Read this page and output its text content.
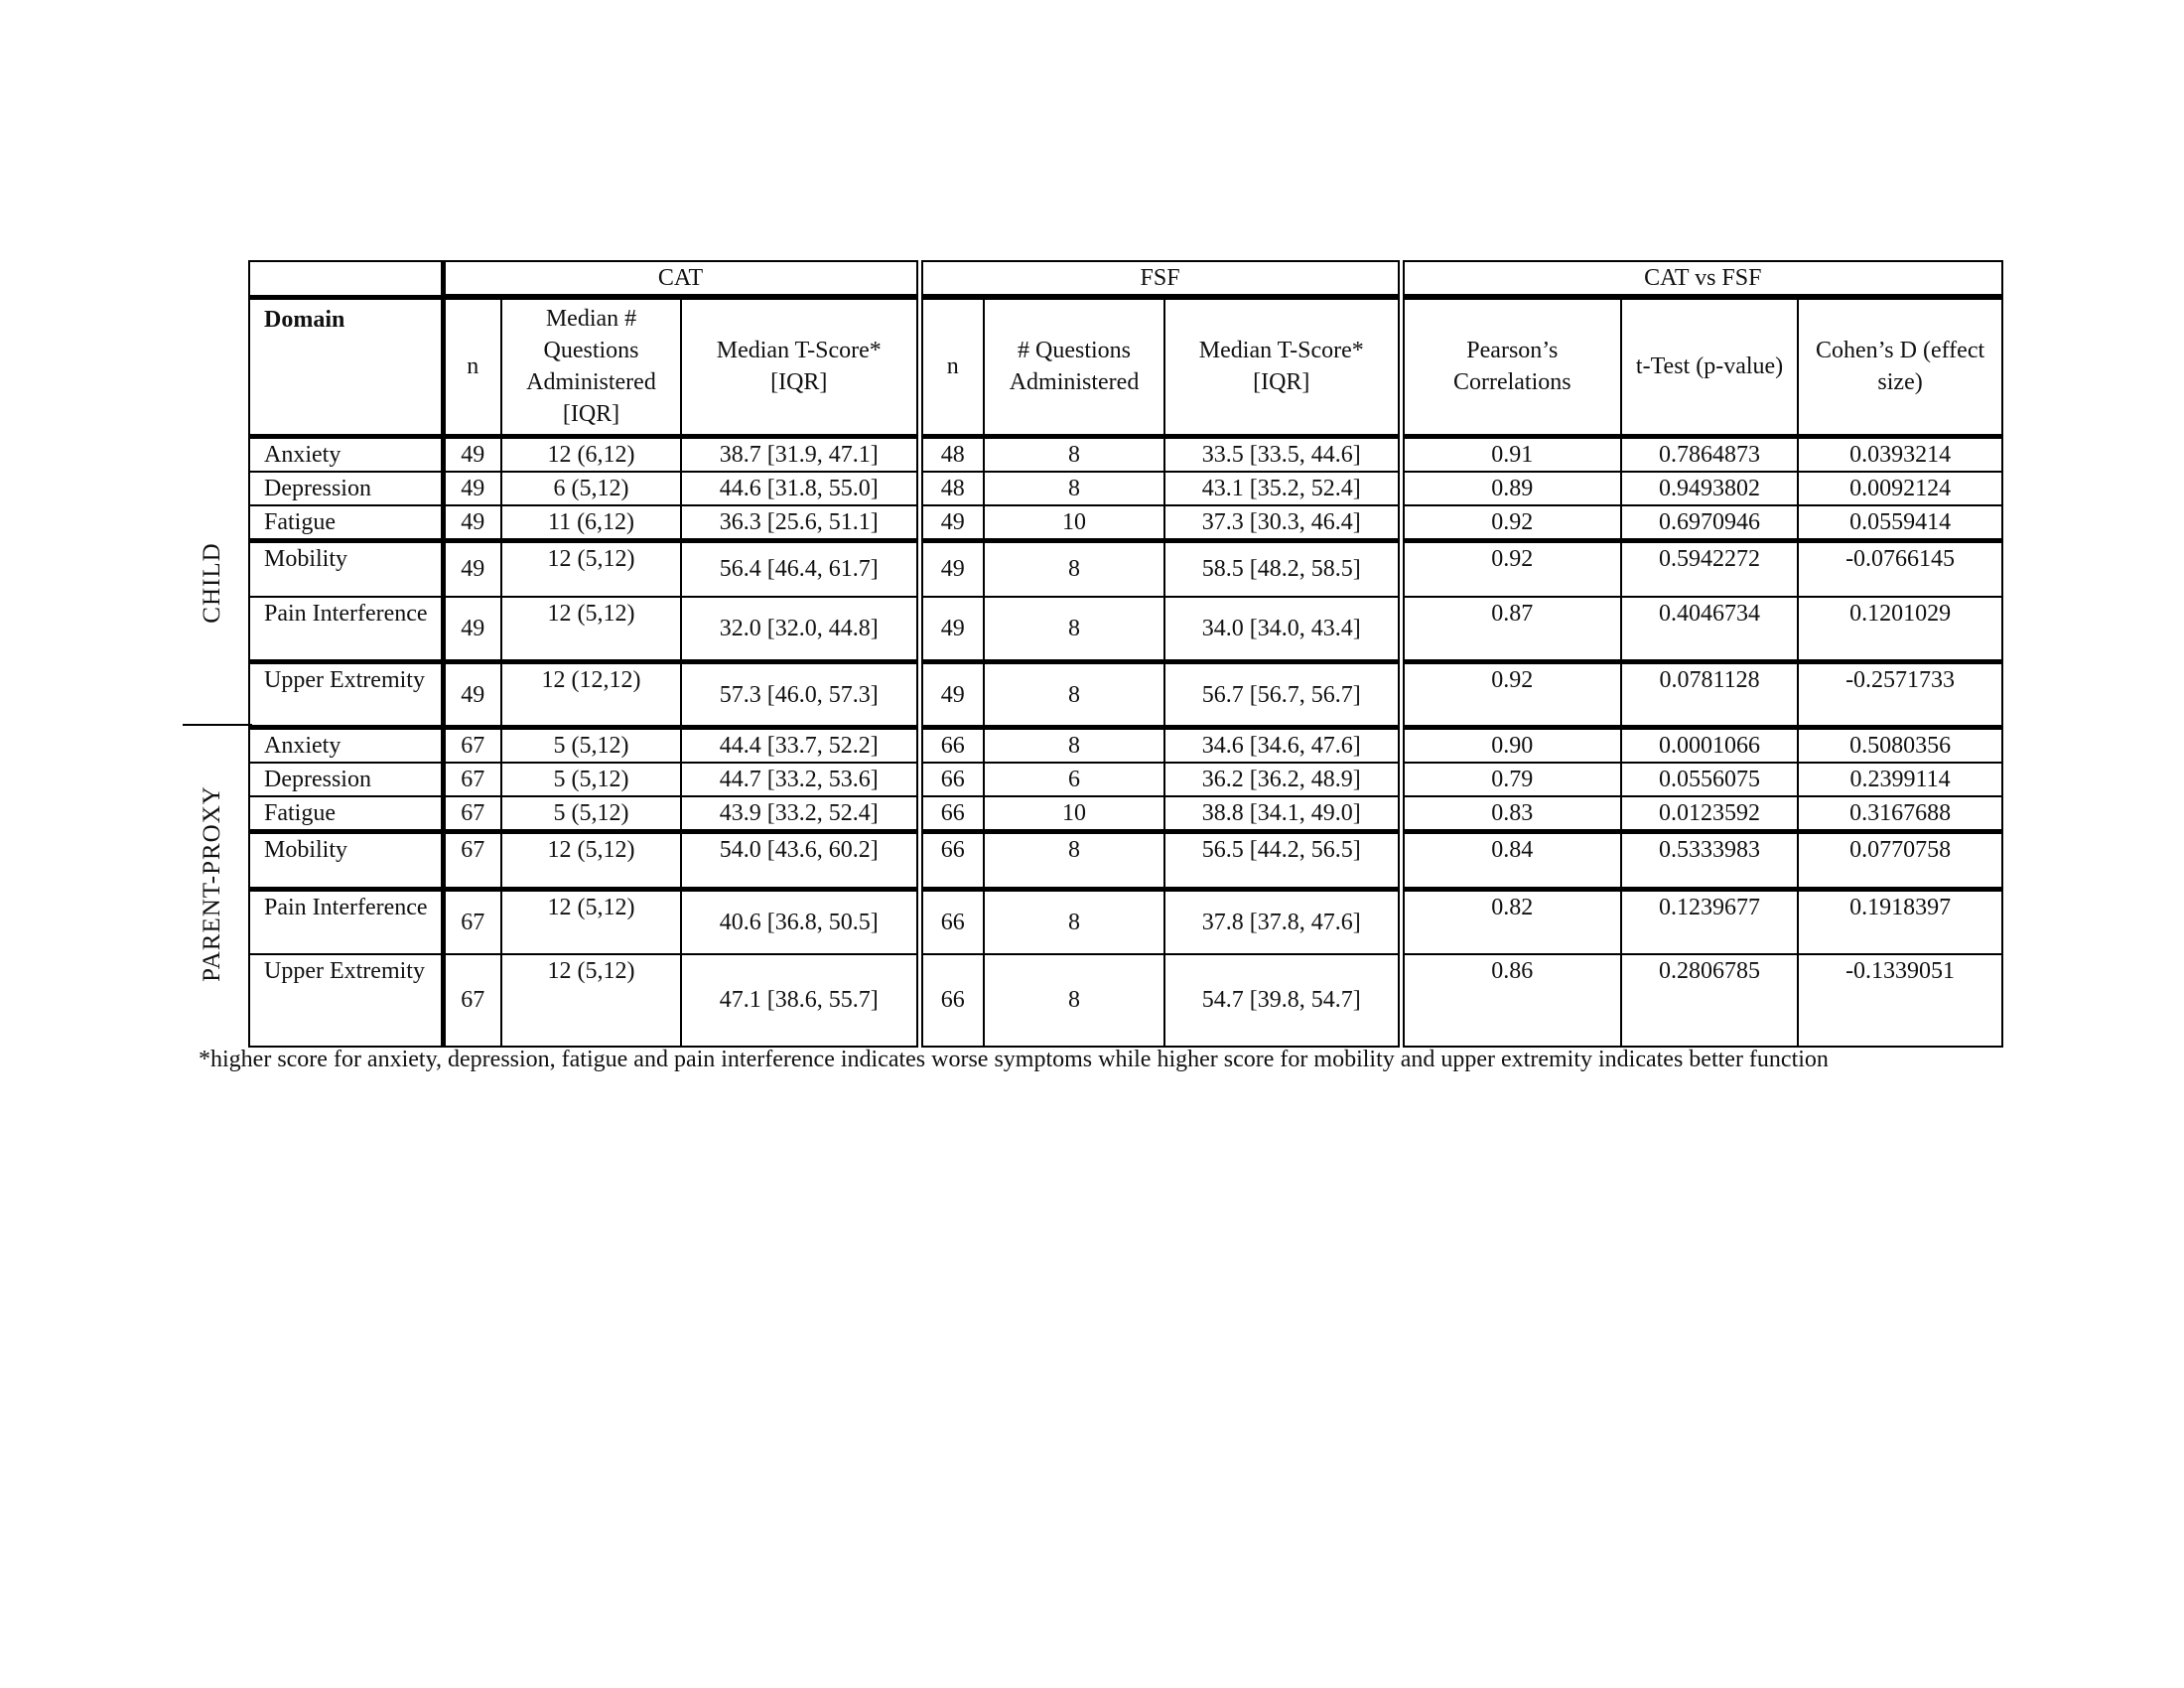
CHILD
PARENT-PROXY
	CAT			FSF			CAT vs FSF		
Domain	n	Median # Questions Administered [IQR]	Median T-Score* [IQR]	n	# Questions Administered	Median T-Score* [IQR]	Pearson’s Correlations	t-Test (p-value)	Cohen’s D (effect size)
Anxiety	49	12 (6,12)	38.7 [31.9, 47.1]	48	8	33.5 [33.5, 44.6]	0.91	0.7864873	0.0393214
Depression	49	6 (5,12)	44.6 [31.8, 55.0]	48	8	43.1 [35.2, 52.4]	0.89	0.9493802	0.0092124
Fatigue	49	11 (6,12)	36.3 [25.6, 51.1]	49	10	37.3 [30.3, 46.4]	0.92	0.6970946	0.0559414
Mobility	49	12 (5,12)	56.4 [46.4, 61.7]	49	8	58.5 [48.2, 58.5]	0.92	0.5942272	-0.0766145
Pain Interference	49	12 (5,12)	32.0 [32.0, 44.8]	49	8	34.0 [34.0, 43.4]	0.87	0.4046734	0.1201029
Upper Extremity	49	12 (12,12)	57.3 [46.0, 57.3]	49	8	56.7 [56.7, 56.7]	0.92	0.0781128	-0.2571733
Anxiety	67	5 (5,12)	44.4 [33.7, 52.2]	66	8	34.6 [34.6, 47.6]	0.90	0.0001066	0.5080356
Depression	67	5 (5,12)	44.7 [33.2, 53.6]	66	6	36.2 [36.2, 48.9]	0.79	0.0556075	0.2399114
Fatigue	67	5 (5,12)	43.9 [33.2, 52.4]	66	10	38.8 [34.1, 49.0]	0.83	0.0123592	0.3167688
Mobility	67	12 (5,12)	54.0 [43.6, 60.2]	66	8	56.5 [44.2, 56.5]	0.84	0.5333983	0.0770758
Pain Interference	67	12 (5,12)	40.6 [36.8, 50.5]	66	8	37.8 [37.8, 47.6]	0.82	0.1239677	0.1918397
Upper Extremity	67	12 (5,12)	47.1 [38.6, 55.7]	66	8	54.7 [39.8, 54.7]	0.86	0.2806785	-0.1339051
*higher score for anxiety, depression, fatigue and pain interference indicates worse symptoms while higher score for mobility and upper extremity indicates better function
